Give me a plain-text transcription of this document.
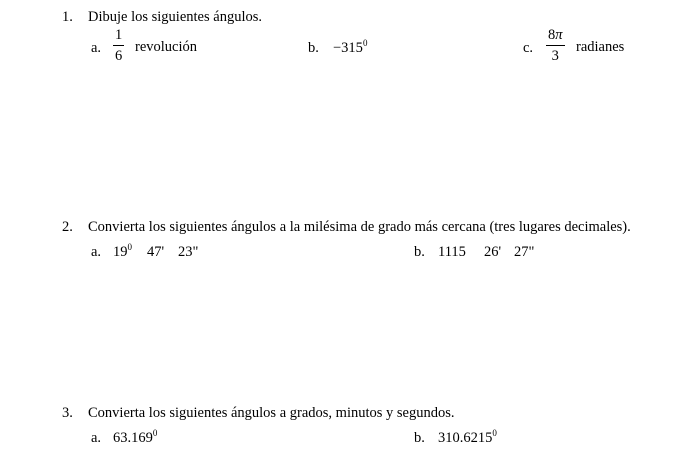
1. Dibuje los siguientes ángulos.
a.
1
6
revolución	b. $-315^0$	c.
8π
3
radianes
2. Convierta los siguientes ángulos a la milésima de grado más cercana (tres lugares decimales).
a. $19^0$ 47' 23"	b. 1115 26' 27"
3. Convierta los siguientes ángulos a grados, minutos y segundos.
a. 63.169$^0$	b. 310.6215$^0$
